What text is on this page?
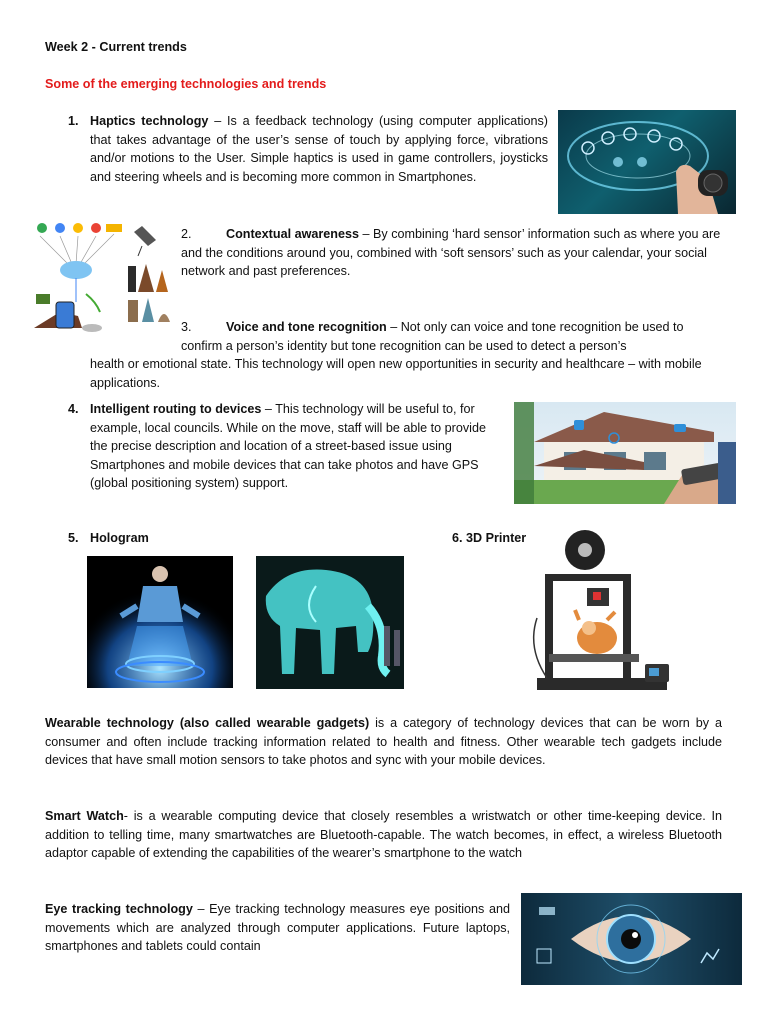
Week 2 - Current trends
Some of the emerging technologies and trends
1. Haptics technology – Is a feedback technology (using computer applications) that takes advantage of the user’s sense of touch by applying force, vibrations and/or motions to the User. Simple haptics is used in game controllers, joysticks and steering wheels and is becoming more common in Smartphones.
2.	Contextual awareness – By combining ‘hard sensor’ information such as where you are and the conditions around you, combined with ‘soft sensors’ such as your calendar, your social network and past preferences.
3.	Voice and tone recognition – Not only can voice and tone recognition be used to confirm a person’s identity but tone recognition can be used to detect a person’s
health or emotional state. This technology will open new opportunities in security and healthcare – with mobile applications.
4. Intelligent routing to devices – This technology will be useful to, for example, local councils. While on the move, staff will be able to provide the precise description and location of a street-based issue using Smartphones and mobile devices that can take photos and have GPS (global positioning system) support.
5. Hologram	6. 3D Printer
Wearable technology (also called wearable gadgets) is a category of technology devices that can be worn by a consumer and often include tracking information related to health and fitness. Other wearable tech gadgets include devices that have small motion sensors to take photos and sync with your mobile devices.
Smart Watch- is a wearable computing device that closely resembles a wristwatch or other time-keeping device. In addition to telling time, many smartwatches are Bluetooth-capable. The watch becomes, in effect, a wireless Bluetooth adaptor capable of extending the capabilities of the wearer’s smartphone to the watch
Eye tracking technology – Eye tracking technology measures eye positions and movements which are analyzed through computer applications. Future laptops, smartphones and tablets could contain
